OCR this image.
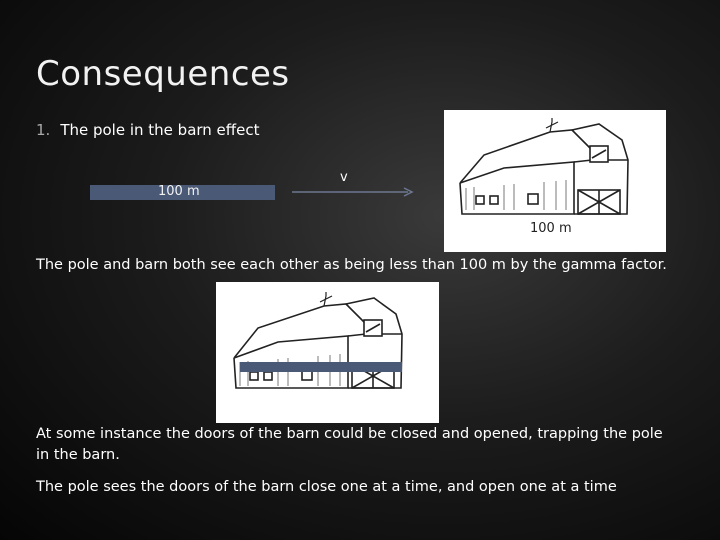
Consequences
1. The pole in the barn effect
100 m
v
100 m
The pole and barn both see each other as being less than 100 m by the gamma factor.
At some instance the doors of the barn could be closed and opened, trapping the pole in the barn.
The pole sees the doors of the barn close one at a time, and open one at a time
